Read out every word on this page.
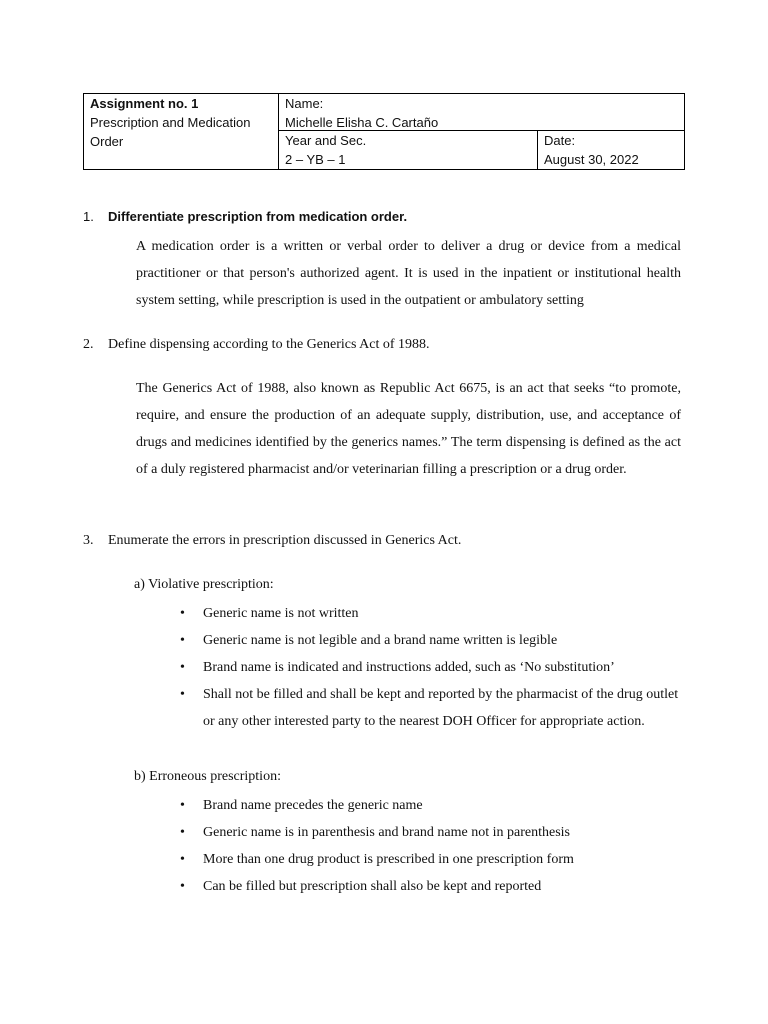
Assignment no. 1
Prescription and Medication
Order
Name:
Michelle Elisha C. Cartaño
Year and Sec.
2 – YB – 1
Date:
August 30, 2022
1. Differentiate prescription from medication order.
A medication order is a written or verbal order to deliver a drug or device from a medical practitioner or that person's authorized agent. It is used in the inpatient or institutional health system setting, while prescription is used in the outpatient or ambulatory setting
2. Define dispensing according to the Generics Act of 1988.
The Generics Act of 1988, also known as Republic Act 6675, is an act that seeks “to promote, require, and ensure the production of an adequate supply, distribution, use, and acceptance of drugs and medicines identified by the generics names.” The term dispensing is defined as the act of a duly registered pharmacist and/or veterinarian filling a prescription or a drug order.
3. Enumerate the errors in prescription discussed in Generics Act.
a) Violative prescription:
• Generic name is not written
• Generic name is not legible and a brand name written is legible
• Brand name is indicated and instructions added, such as ‘No substitution’
• Shall not be filled and shall be kept and reported by the pharmacist of the drug outlet or any other interested party to the nearest DOH Officer for appropriate action.
b) Erroneous prescription:
• Brand name precedes the generic name
• Generic name is in parenthesis and brand name not in parenthesis
• More than one drug product is prescribed in one prescription form
• Can be filled but prescription shall also be kept and reported
